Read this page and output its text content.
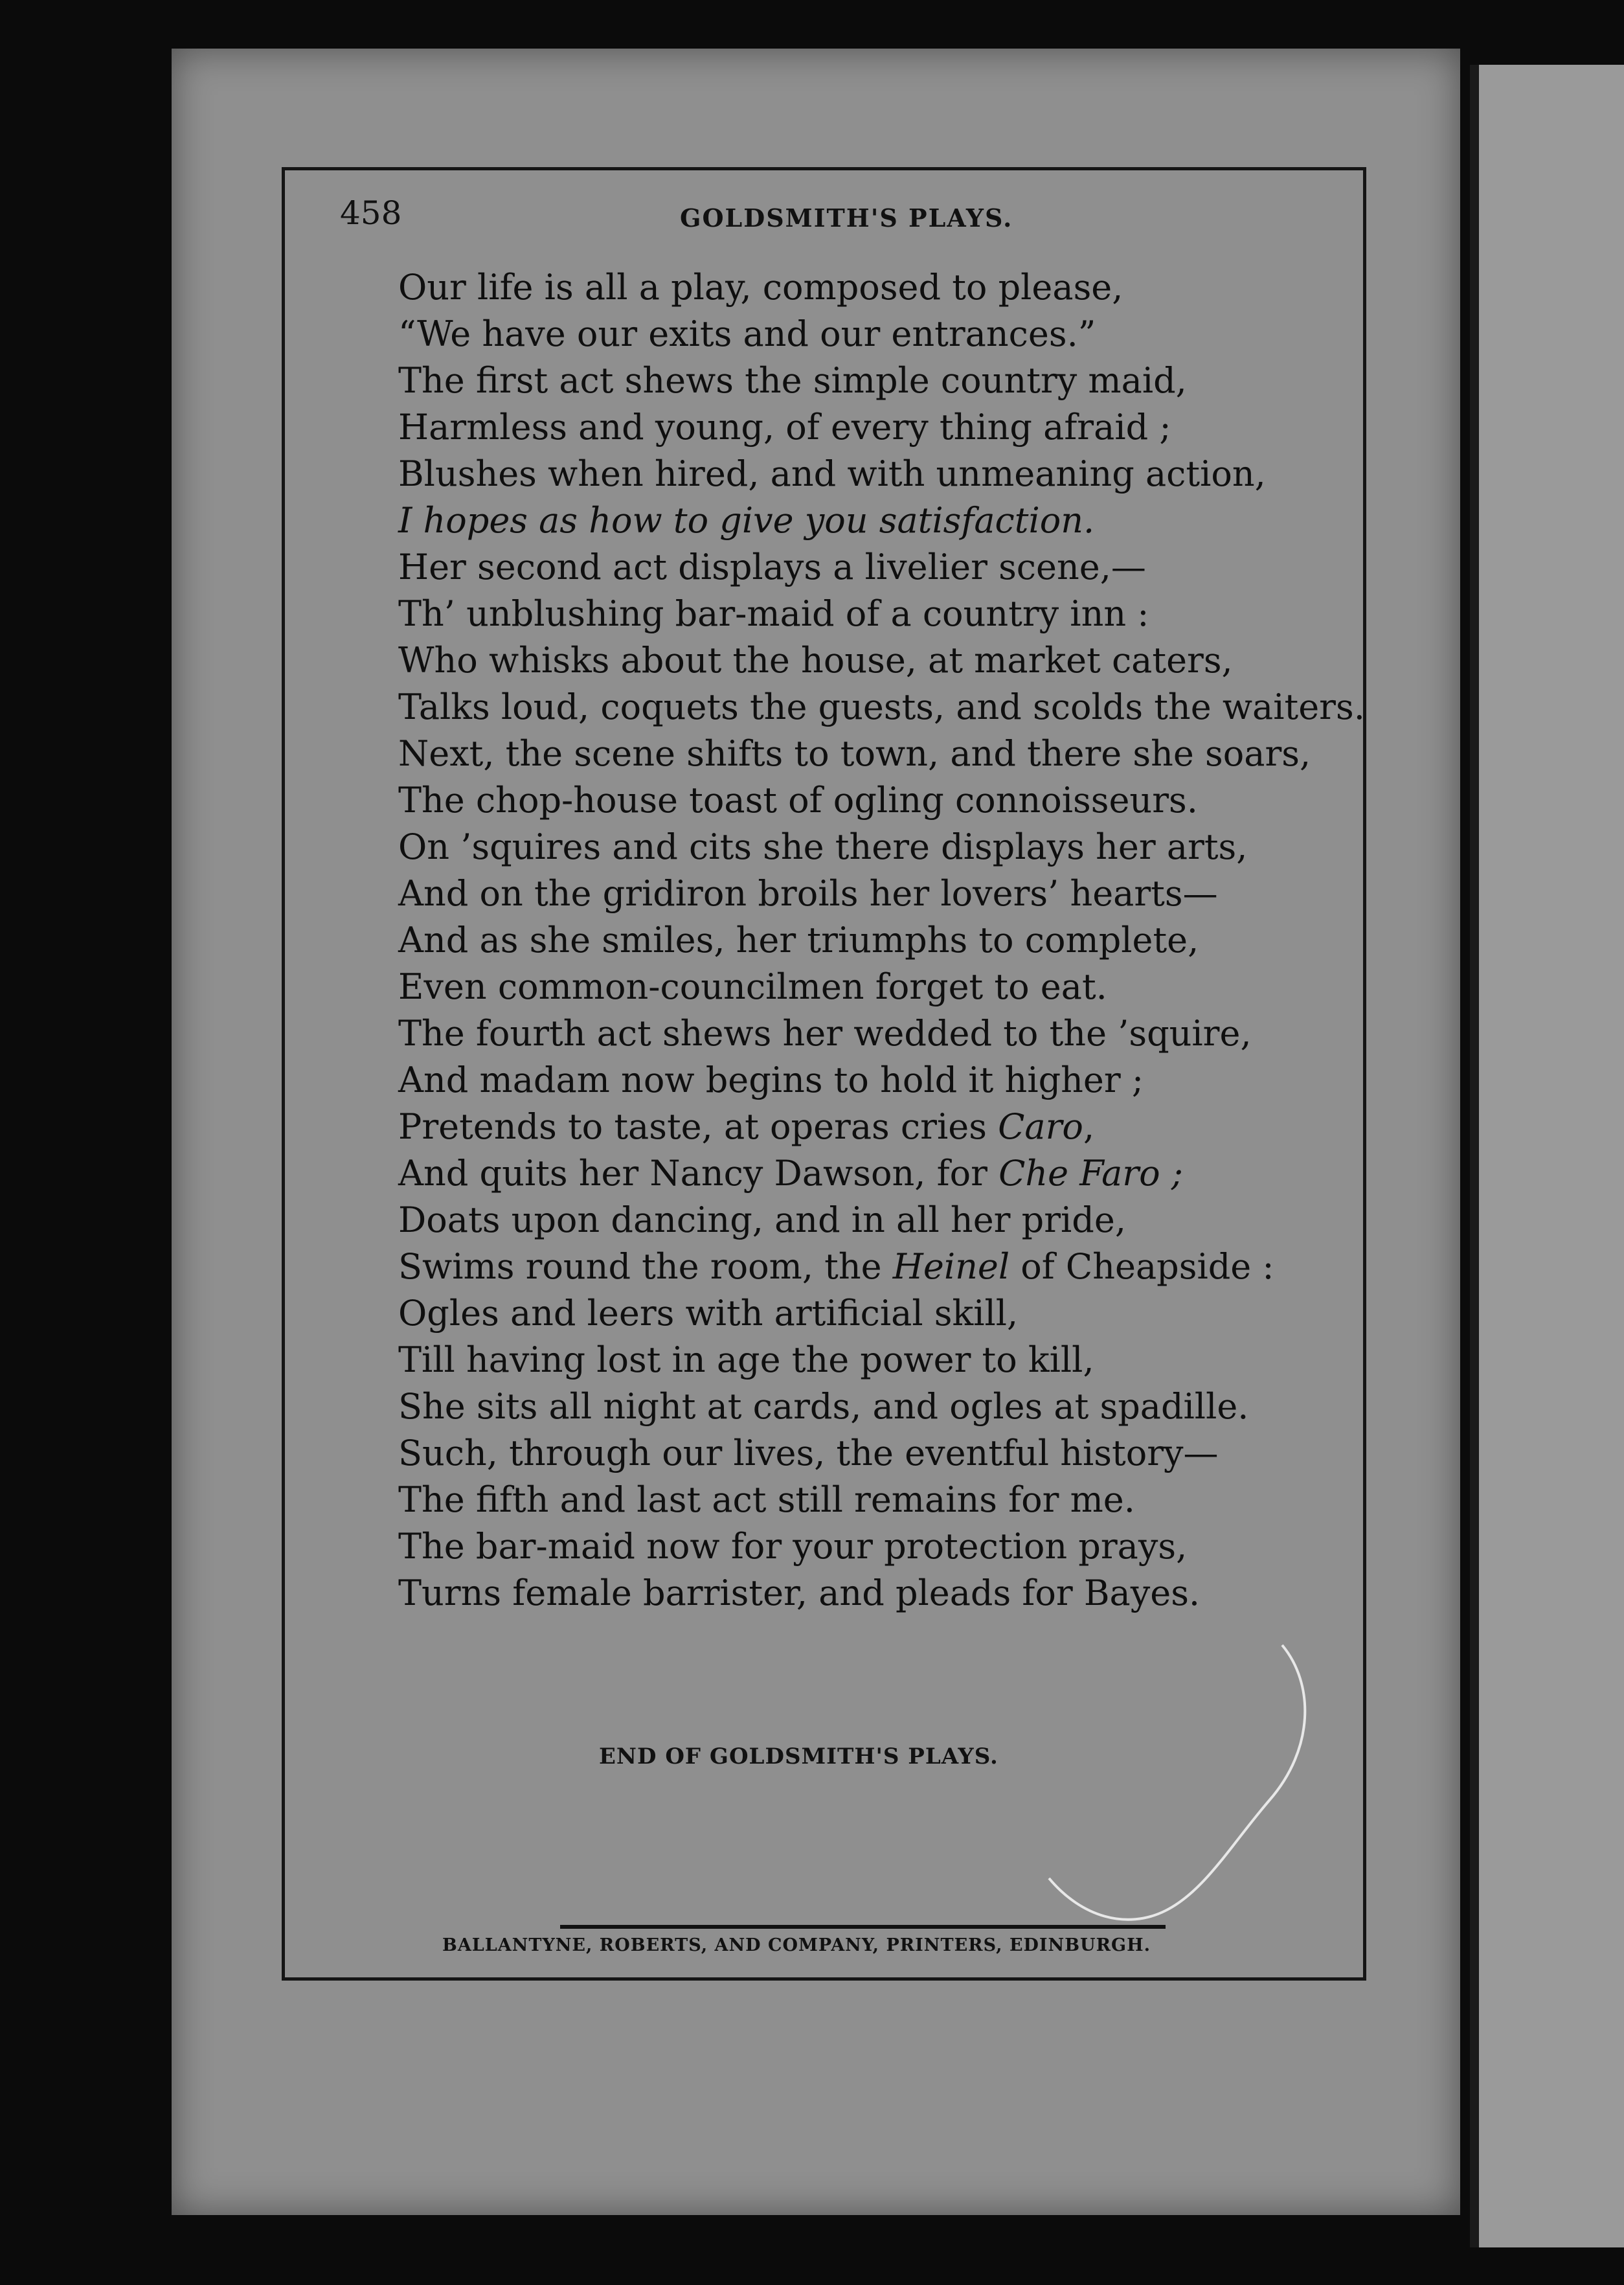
458	GOLDSMITH'S PLAYS.
Our life is all a play, composed to please,
“We have our exits and our entrances.”
The first act shews the simple country maid,
Harmless and young, of every thing afraid ;
Blushes when hired, and with unmeaning action,
I hopes as how to give you satisfaction.
Her second act displays a livelier scene,—
Th’ unblushing bar-maid of a country inn :
Who whisks about the house, at market caters,
Talks loud, coquets the guests, and scolds the waiters.
Next, the scene shifts to town, and there she soars,
The chop-house toast of ogling connoisseurs.
On ’squires and cits she there displays her arts,
And on the gridiron broils her lovers’ hearts—
And as she smiles, her triumphs to complete,
Even common-councilmen forget to eat.
The fourth act shews her wedded to the ’squire,
And madam now begins to hold it higher ;
Pretends to taste, at operas cries Caro,
And quits her Nancy Dawson, for Che Faro ;
Doats upon dancing, and in all her pride,
Swims round the room, the Heinel of Cheapside :
Ogles and leers with artificial skill,
Till having lost in age the power to kill,
She sits all night at cards, and ogles at spadille.
Such, through our lives, the eventful history—
The fifth and last act still remains for me.
The bar-maid now for your protection prays,
Turns female barrister, and pleads for Bayes.
END OF GOLDSMITH'S PLAYS.
BALLANTYNE, ROBERTS, AND COMPANY, PRINTERS, EDINBURGH.
